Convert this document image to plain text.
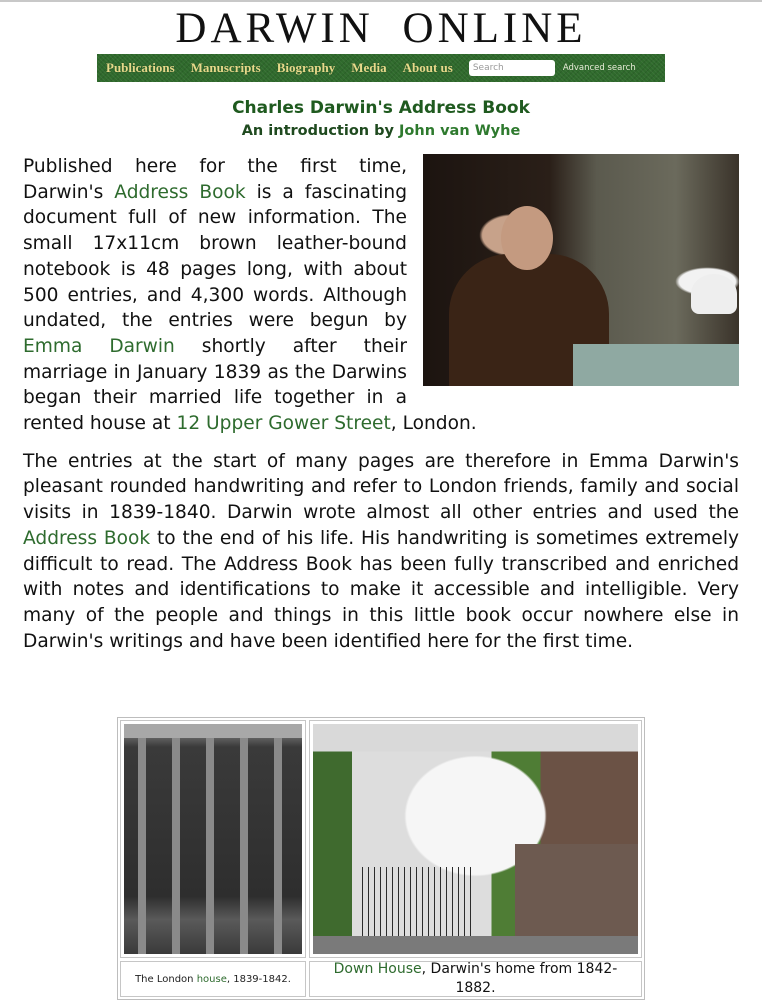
DARWIN ONLINE
Publications Manuscripts Biography Media About us
Search	Advanced search
Charles Darwin's Address Book
An introduction by John van Wyhe

Published here for the first time, Darwin's Address Book is a fascinating document full of new information. The small 17x11cm brown leather-bound notebook is 48 pages long, with about 500 entries, and 4,300 words. Although undated, the entries were begun by Emma Darwin shortly after their marriage in January 1839 as the Darwins began their married life together in a rented house at 12 Upper Gower Street, London.

The entries at the start of many pages are therefore in Emma Darwin's pleasant rounded handwriting and refer to London friends, family and social visits in 1839-1840. Darwin wrote almost all other entries and used the Address Book to the end of his life. His handwriting is sometimes extremely difficult to read. The Address Book has been fully transcribed and enriched with notes and identifications to make it accessible and intelligible. Very many of the people and things in this little book occur nowhere else in Darwin's writings and have been identified here for the first time.

The London house, 1839-1842.
Down House, Darwin's home from 1842-1882.
